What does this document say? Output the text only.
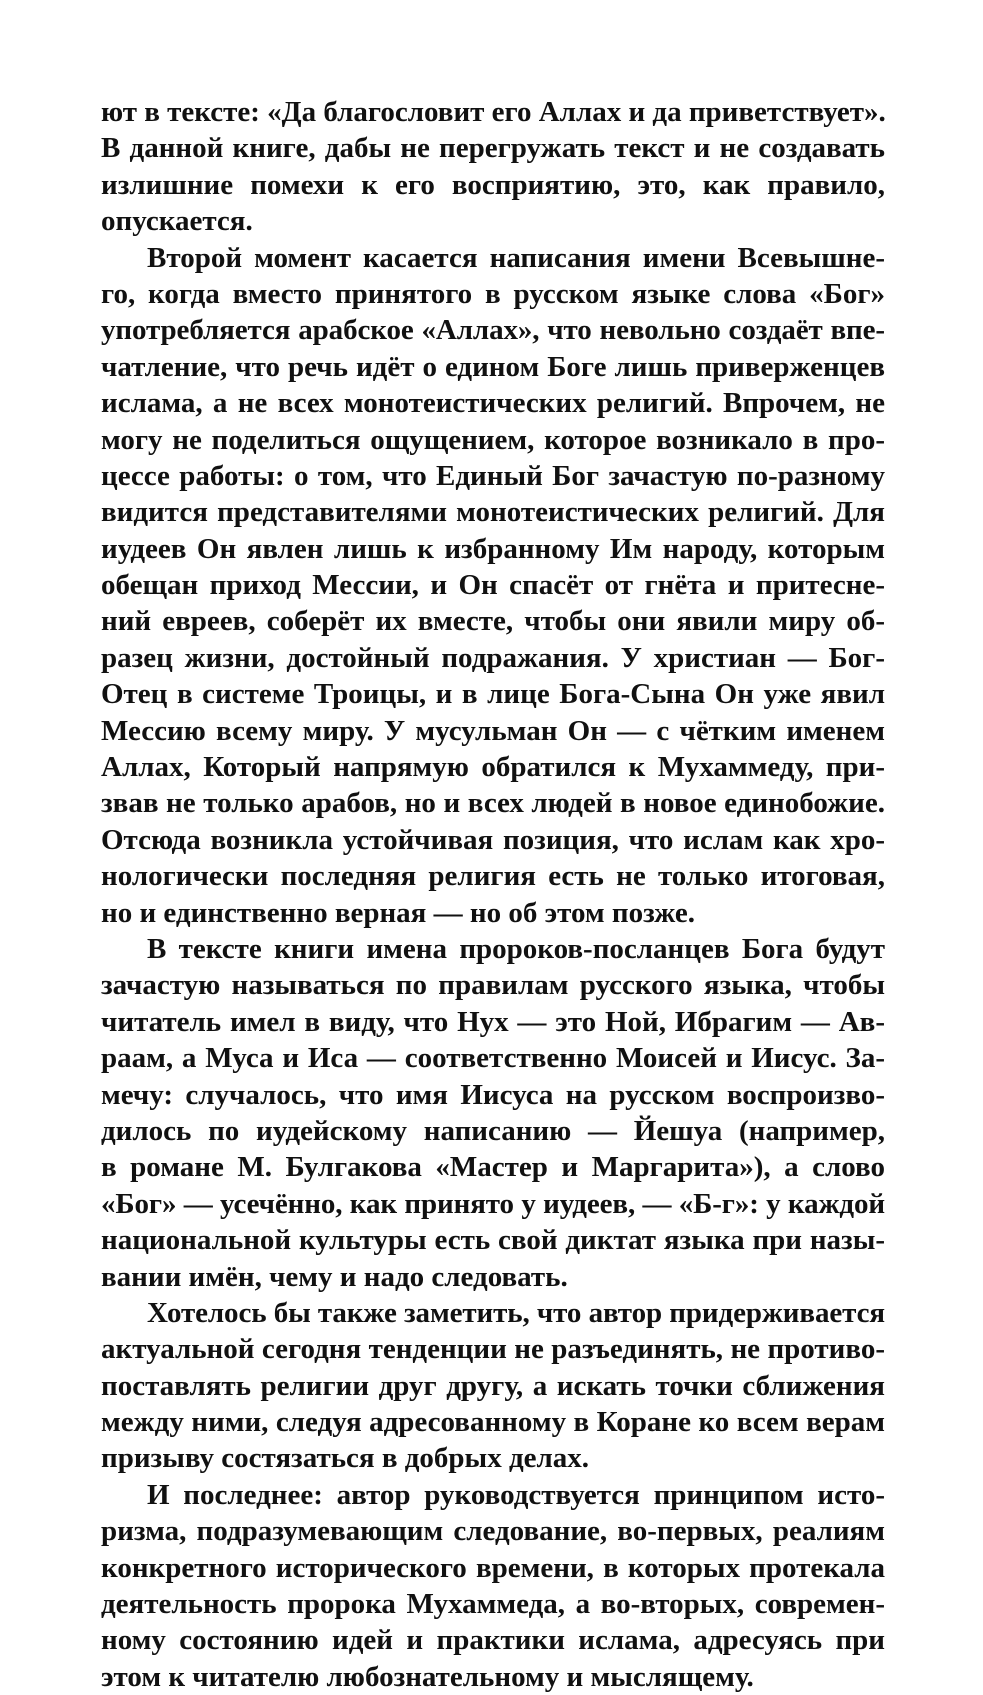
ют в тексте: «Да благословит его Аллах и да приветствует».
В данной книге, дабы не перегружать текст и не создавать
излишние помехи к его восприятию, это, как правило,
опускается.
Второй момент касается написания имени Всевышне-
го, когда вместо принятого в русском языке слова «Бог»
употребляется арабское «Аллах», что невольно создаёт впе-
чатление, что речь идёт о едином Боге лишь приверженцев
ислама, а не всех монотеистических религий. Впрочем, не
могу не поделиться ощущением, которое возникало в про-
цессе работы: о том, что Единый Бог зачастую по-разному
видится представителями монотеистических религий. Для
иудеев Он явлен лишь к избранному Им народу, которым
обещан приход Мессии, и Он спасёт от гнёта и притесне-
ний евреев, соберёт их вместе, чтобы они явили миру об-
разец жизни, достойный подражания. У христиан — Бог-
Отец в системе Троицы, и в лице Бога-Сына Он уже явил
Мессию всему миру. У мусульман Он — с чётким именем
Аллах, Который напрямую обратился к Мухаммеду, при-
звав не только арабов, но и всех людей в новое единобожие.
Отсюда возникла устойчивая позиция, что ислам как хро-
нологически последняя религия есть не только итоговая,
но и единственно верная — но об этом позже.
В тексте книги имена пророков-посланцев Бога будут
зачастую называться по правилам русского языка, чтобы
читатель имел в виду, что Нух — это Ной, Ибрагим — Ав-
раам, а Муса и Иса — соответственно Моисей и Иисус. За-
мечу: случалось, что имя Иисуса на русском воспроизво-
дилось по иудейскому написанию — Йешуа (например,
в романе М. Булгакова «Мастер и Маргарита»), а слово
«Бог» — усечённо, как принято у иудеев, — «Б-г»: у каждой
национальной культуры есть свой диктат языка при назы-
вании имён, чему и надо следовать.
Хотелось бы также заметить, что автор придерживается
актуальной сегодня тенденции не разъединять, не противо-
поставлять религии друг другу, а искать точки сближения
между ними, следуя адресованному в Коране ко всем верам
призыву состязаться в добрых делах.
И последнее: автор руководствуется принципом исто-
ризма, подразумевающим следование, во-первых, реалиям
конкретного исторического времени, в которых протекала
деятельность пророка Мухаммеда, а во-вторых, современ-
ному состоянию идей и практики ислама, адресуясь при
этом к читателю любознательному и мыслящему.
